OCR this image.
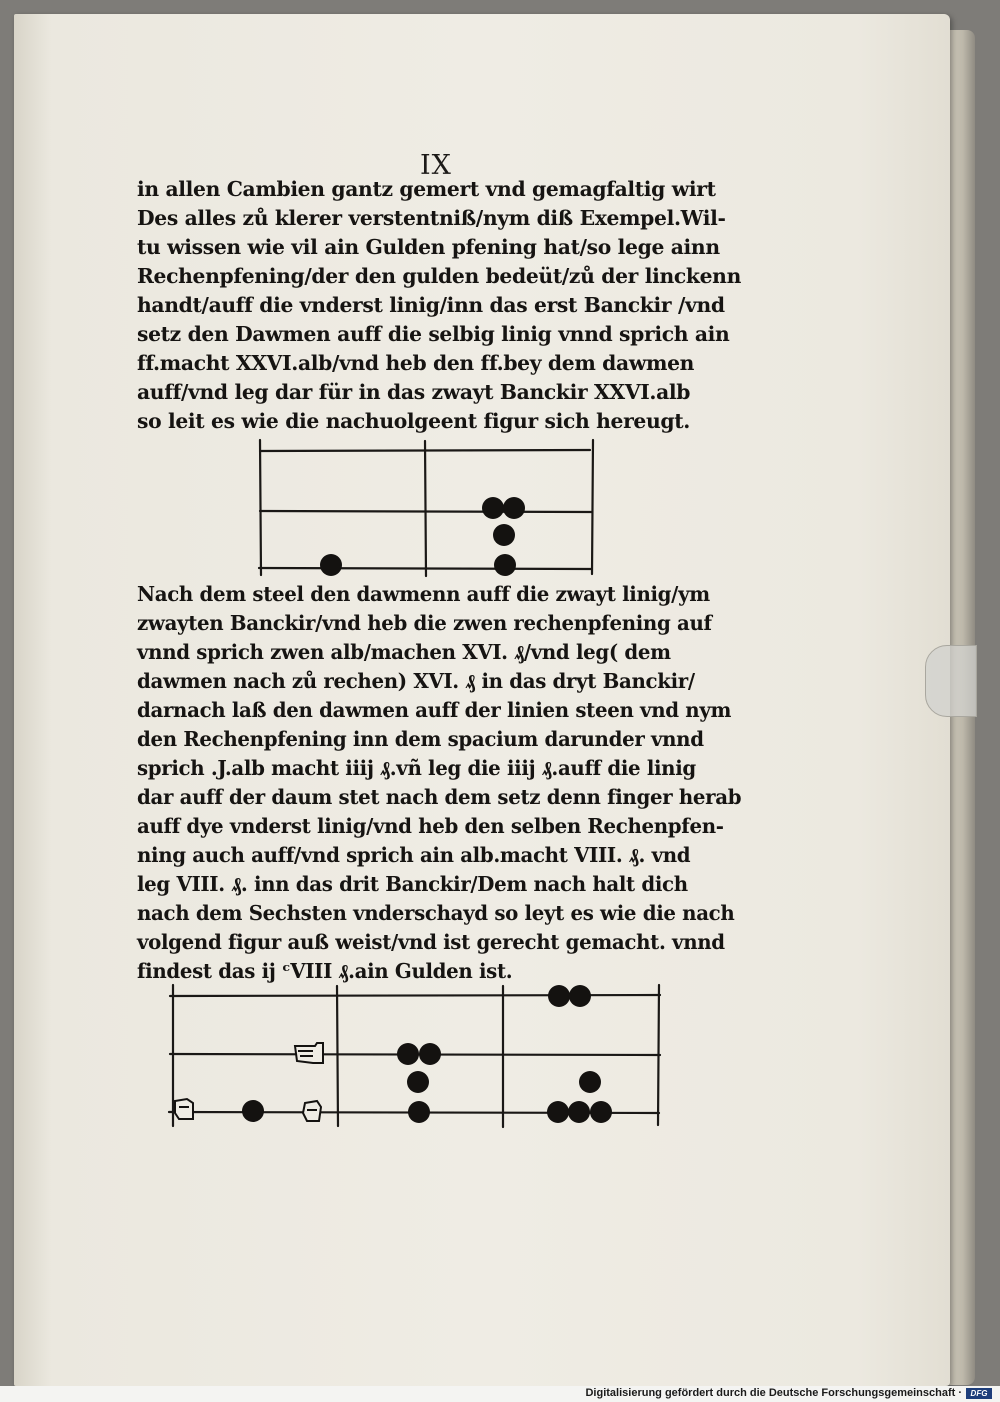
IX
in allen Cambien gantz gemert vnd gemagfaltig wirt
Des alles zů klerer verstentniß/nym diß Exempel.Wil-
tu wissen wie vil ain Gulden pfening hat/so lege ainn
Rechenpfening/der den gulden bedeüt/zů der linckenn
handt/auff die vnderst linig/inn das erst Banckir /vnd
setz den Dawmen auff die selbig linig vnnd sprich ain
ff.macht XXVI.alb/vnd heb den ff.bey dem dawmen
auff/vnd leg dar für in das zwayt Banckir XXVI.alb
so leit es wie die nachuolgeent figur sich hereugt.
Nach dem steel den dawmenn auff die zwayt linig/ym
zwayten Banckir/vnd heb die zwen rechenpfening auf
vnnd sprich zwen alb/machen XVI. ₰/vnd leg( dem
dawmen nach zů rechen) XVI. ₰ in das dryt Banckir/
darnach laß den dawmen auff der linien steen vnd nym
den Rechenpfening inn dem spacium darunder vnnd
sprich .J.alb macht iiij ₰.vñ leg die iiij ₰.auff die linig
dar auff der daum stet nach dem setz denn finger herab
auff dye vnderst linig/vnd heb den selben Rechenpfen-
ning auch auff/vnd sprich ain alb.macht VIII. ₰. vnd
leg VIII. ₰. inn das drit Banckir/Dem nach halt dich
nach dem Sechsten vnderschayd so leyt es wie die nach
volgend figur auß weist/vnd ist gerecht gemacht. vnnd
findest das ij ᶜVIII ₰.ain Gulden ist.
Digitalisierung gefördert durch die Deutsche Forschungsgemeinschaft ·	DFG
